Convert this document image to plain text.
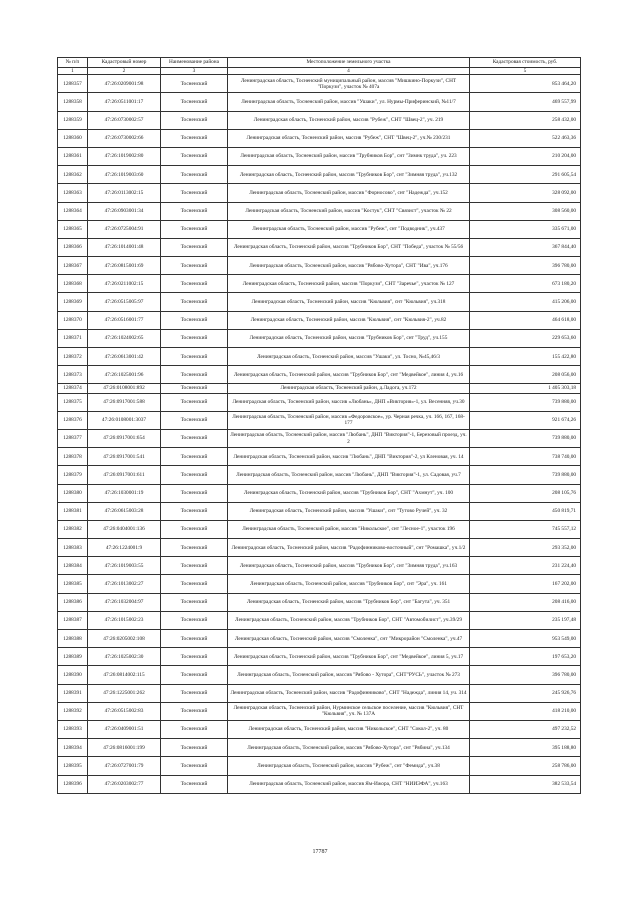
№ п/п	Кадастровый номер	Наименование района	Местоположение земельного участка	Кадастровая стоимость, руб.
1	2	3	4	5
1288357	47:26:0209001:98	Тосненский	Ленинградская область, Тосненский муниципальный район, массив "Мишкино-Поркузи", СНТ "Поркузи", участок № 407а	853 464,20
1288358	47:26:0511001:17	Тосненский	Ленинградская область, Тосненский район, массив "Ушаки", ул. Нурмы-Приферинский, №11/7	469 557,99
1288359	47:26:0730002:57	Тосненский	Ленинградская область, Тосненский район, массив "Рубеж", СНТ "Швец-2", уч. 219	258 432,00
1288360	47:26:0730002:66	Тосненский	Ленинградская область, Тосненский район, массив "Рубеж", СНТ "Швец-2", уч.№ 230/231	522 463,36
1288361	47:26:1019002:80	Тосненский	Ленинградская область, Тосненский район, массив "Трубников Бор", снт "Зимнк труда", уч. 223	210 204,00
1288362	47:26:1019003:60	Тосненский	Ленинградская область, Тосненский район, массив "Трубников Бор", снт "Зимняя труда", уч.132	291 605,54
1288363	47:26:0113002:15	Тосненский	Ленинградская область, Тосненский район, массив "Форносово", снт "Надежда", уч.152	328 092,00
1288364	47:26:0903001:34	Тосненский	Ленинградская область, Тосненский район, массив "Костук", СНТ "Связист", участок № 22	308 560,00
1288365	47:26:0725004:91	Тосненский	Ленинградская область, Тосненский район, массив "Рубеж", снт "Подводник", уч.437	335 671,00
1288366	47:26:1014001:48	Тосненский	Ленинградская область, Тосненский район, массив "Трубников Бор", СНТ "Победа", участок № 55/56	367 844,40
1288367	47:26:0815001:69	Тосненский	Ленинградская область, Тосненский район, массив "Рябово-Хутора", СНТ "Ива", уч.176	396 780,00
1288368	47:26:0211002:15	Тосненский	Ленинградская область, Тосненский район, массив "Поркузи", СНТ "Заречье", участок № 127	673 180,20
1288369	47:26:0515005:97	Тосненский	Ленинградская область, Тосненский район, массив "Кюльвия", снт "Кюльвия", уч.318	415 206,00
1288370	47:26:0516001:77	Тосненский	Ленинградская область, Тосненский район, массив "Кюльвия", снт "Кюльвия-2", уч.82	464 618,00
1288371	47:26:1024002:65	Тосненский	Ленинградская область, Тосненский район, массив "Трубников Бор", снт "Труд", уч.155	229 653,60
1288372	47:26:0613001:42	Тосненский	Ленинградская область, Тосненский район, массив "Ушаки", ул. Тосно, №45,46/3	155 422,80
1288373	47:26:1025001:96	Тосненский	Ленинградская область, Тосненский район, массив "Трубников Бор", снт "Медвейкое", линия 4, уч.16	208 056,00
1288374	47:26:0108001:892	Тосненский	Ленинградская область, Тосненский район, д.Ладога, уч.172	1 405 303,18
1288375	47:26:0917001:588	Тосненский	Ленинградская область, Тосненский район, массив «Любань», ДНП «Виктория»-1, ул. Весенняя, уч.30	739 880,00
1288376	47:26:0108001:3037	Тосненский	Ленинградская область, Тосненский район, массив «Федоровское», ур. Черная речка, уч. 166, 167, 168-177	921 674,26
1288377	47:26:0917001:654	Тосненский	Ленинградская область, Тосненский район, массив "Любань", ДНП "Виктория"-1, Березовый проезд, уч. 2	739 880,00
1288378	47:26:0917001:541	Тосненский	Ленинградская область, Тосненский район, массив "Любань", ДНП "Виктория"-2, ул Кленовая, уч. 14	738 740,00
1288379	47:26:0917001:611	Тосненский	Ленинградская область, Тосненский район, массив "Любань", ДНП "Виктория"-1, ул. Садовая, уч.7	739 880,00
1288380	47:26:1030001:19	Тосненский	Ленинградская область, Тосненский район, массив "Трубников Бор", СНТ "Ахмнут", уч. 100	208 105,76
1288381	47:26:0615003:28	Тосненский	Ленинградская область, Тосненский район, массив "Ушаки", снт "Тутово Ручей", уч. 32	450 819,71
1288382	47:26:0404001:136	Тосненский	Ленинградская область, Тосненский район, массив "Никольское", снт "Лесное-1", участок 196	745 557,12
1288383	47:26:1224001:9	Тосненский	Ленинградская область, Тосненский район, массив "Радофинниково-восточный", снт "Ромашка", уч.1/2	293 352,00
1288384	47:26:1019003:55	Тосненский	Ленинградская область, Тосненский район, массив "Трубников Бор", снт "Зимняя труда", уч.163	231 224,40
1288385	47:26:1013002:27	Тосненский	Ленинградская область, Тосненский район, массив "Трубников Бор", снт "Эра", уч. 161	167 202,00
1288386	47:26:1032004:97	Тосненский	Ленинградская область, Тосненский район, массив "Трубников Бор", снт "Багута", уч. 351	208 416,00
1288387	47:26:1015002:23	Тосненский	Ленинградская область, Тосненский район, массив "Трубников Бор", СНТ "Автомобилист", уч.39/29	235 197,48
1288388	47:26:0205002:108	Тосненский	Ленинградская область, Тосненский район, массив "Смоленка", снт "Микрорайон "Смоленка", уч.47	953 549,00
1288389	47:26:1025002:30	Тосненский	Ленинградская область, Тосненский район, массив "Трубников Бор", снт "Медвейкое", линия 5, уч.17	197 653,20
1288390	47:26:0814002:115	Тосненский	Ленинградская область, Тосненский район, массив "Рябово - Хутора", СНТ"РУСЬ", участок № 273	396 780,00
1288391	47:26:1225001:262	Тосненский	Ленинградская область, Тосненский район, массив "Радофинниково", СНТ "Надежда", линия 14, уч. 314	245 926,76
1288392	47:26:0515002:83	Тосненский	Ленинградская область, Тосненский район, Нурминское сельское поселение, массив "Кюльвия", СНТ "Кюльвия", уч. № 137А	418 210,00
1288393	47:26:0409001:51	Тосненский	Ленинградская область, Тосненский район, массив "Никольское", СНТ "Сокол-2", уч. 80	497 232,52
1288394	47:26:0816001:199	Тосненский	Ленинградская область, Тосненский район, массив "Рябово-Хутора", снт "Рябина", уч.134	395 188,80
1288395	47:26:0727001:79	Тосненский	Ленинградская область, Тосненский район, массив "Рубеж", снт "Фемида", уч.38	258 786,00
1288396	47:26:0203002:77	Тосненский	Ленинградская область, Тосненский район, массив Ям-Ижора, СНТ "НИИЭФА", уч.163	382 533,54
17787
